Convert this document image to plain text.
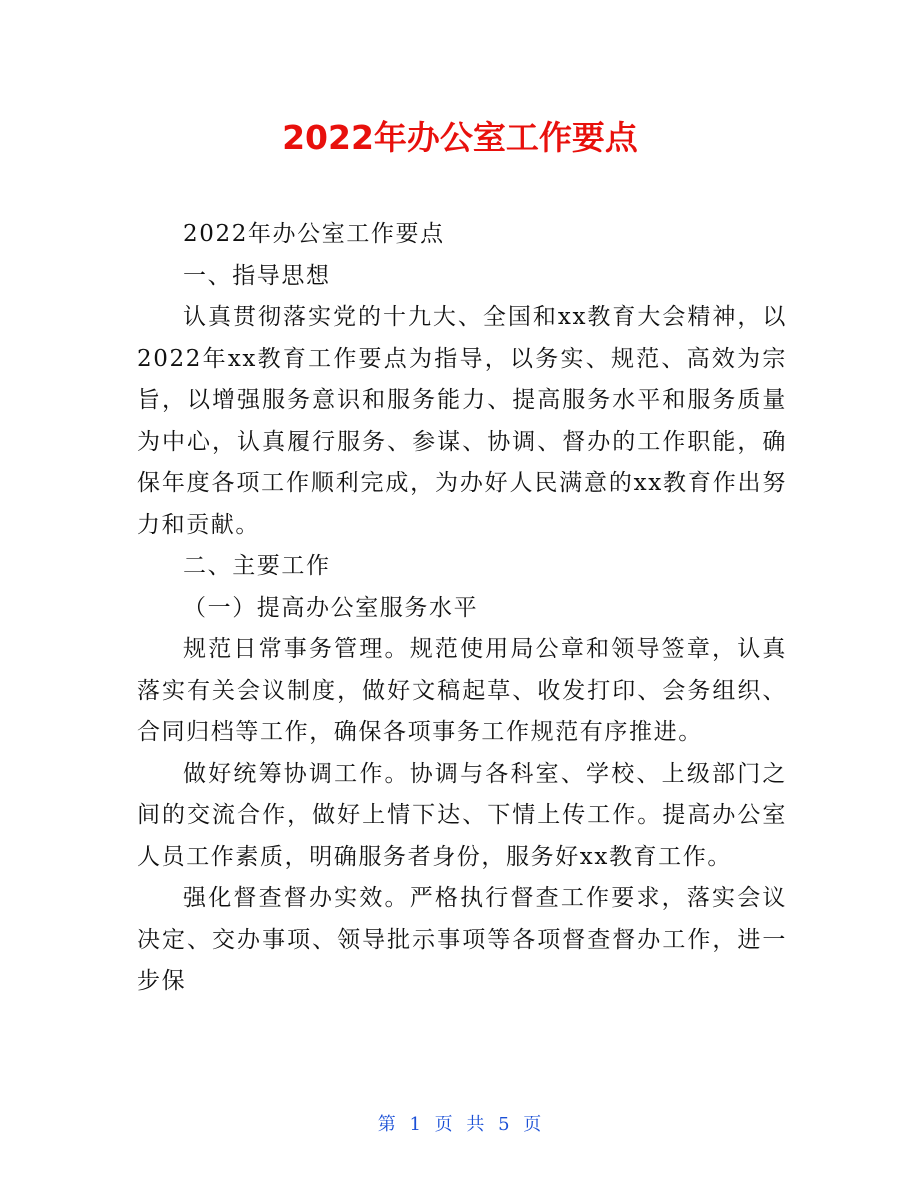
2022年办公室工作要点

2022年办公室工作要点

一、指导思想

认真贯彻落实党的十九大、全国和xx教育大会精神，以2022年xx教育工作要点为指导，以务实、规范、高效为宗旨，以增强服务意识和服务能力、提高服务水平和服务质量为中心，认真履行服务、参谋、协调、督办的工作职能，确保年度各项工作顺利完成，为办好人民满意的xx教育作出努力和贡献。

二、主要工作

（一）提高办公室服务水平

规范日常事务管理。规范使用局公章和领导签章，认真落实有关会议制度，做好文稿起草、收发打印、会务组织、合同归档等工作，确保各项事务工作规范有序推进。

做好统筹协调工作。协调与各科室、学校、上级部门之间的交流合作，做好上情下达、下情上传工作。提高办公室人员工作素质，明确服务者身份，服务好xx教育工作。

强化督查督办实效。严格执行督查工作要求，落实会议决定、交办事项、领导批示事项等各项督查督办工作，进一步保

第 1 页 共 5 页
